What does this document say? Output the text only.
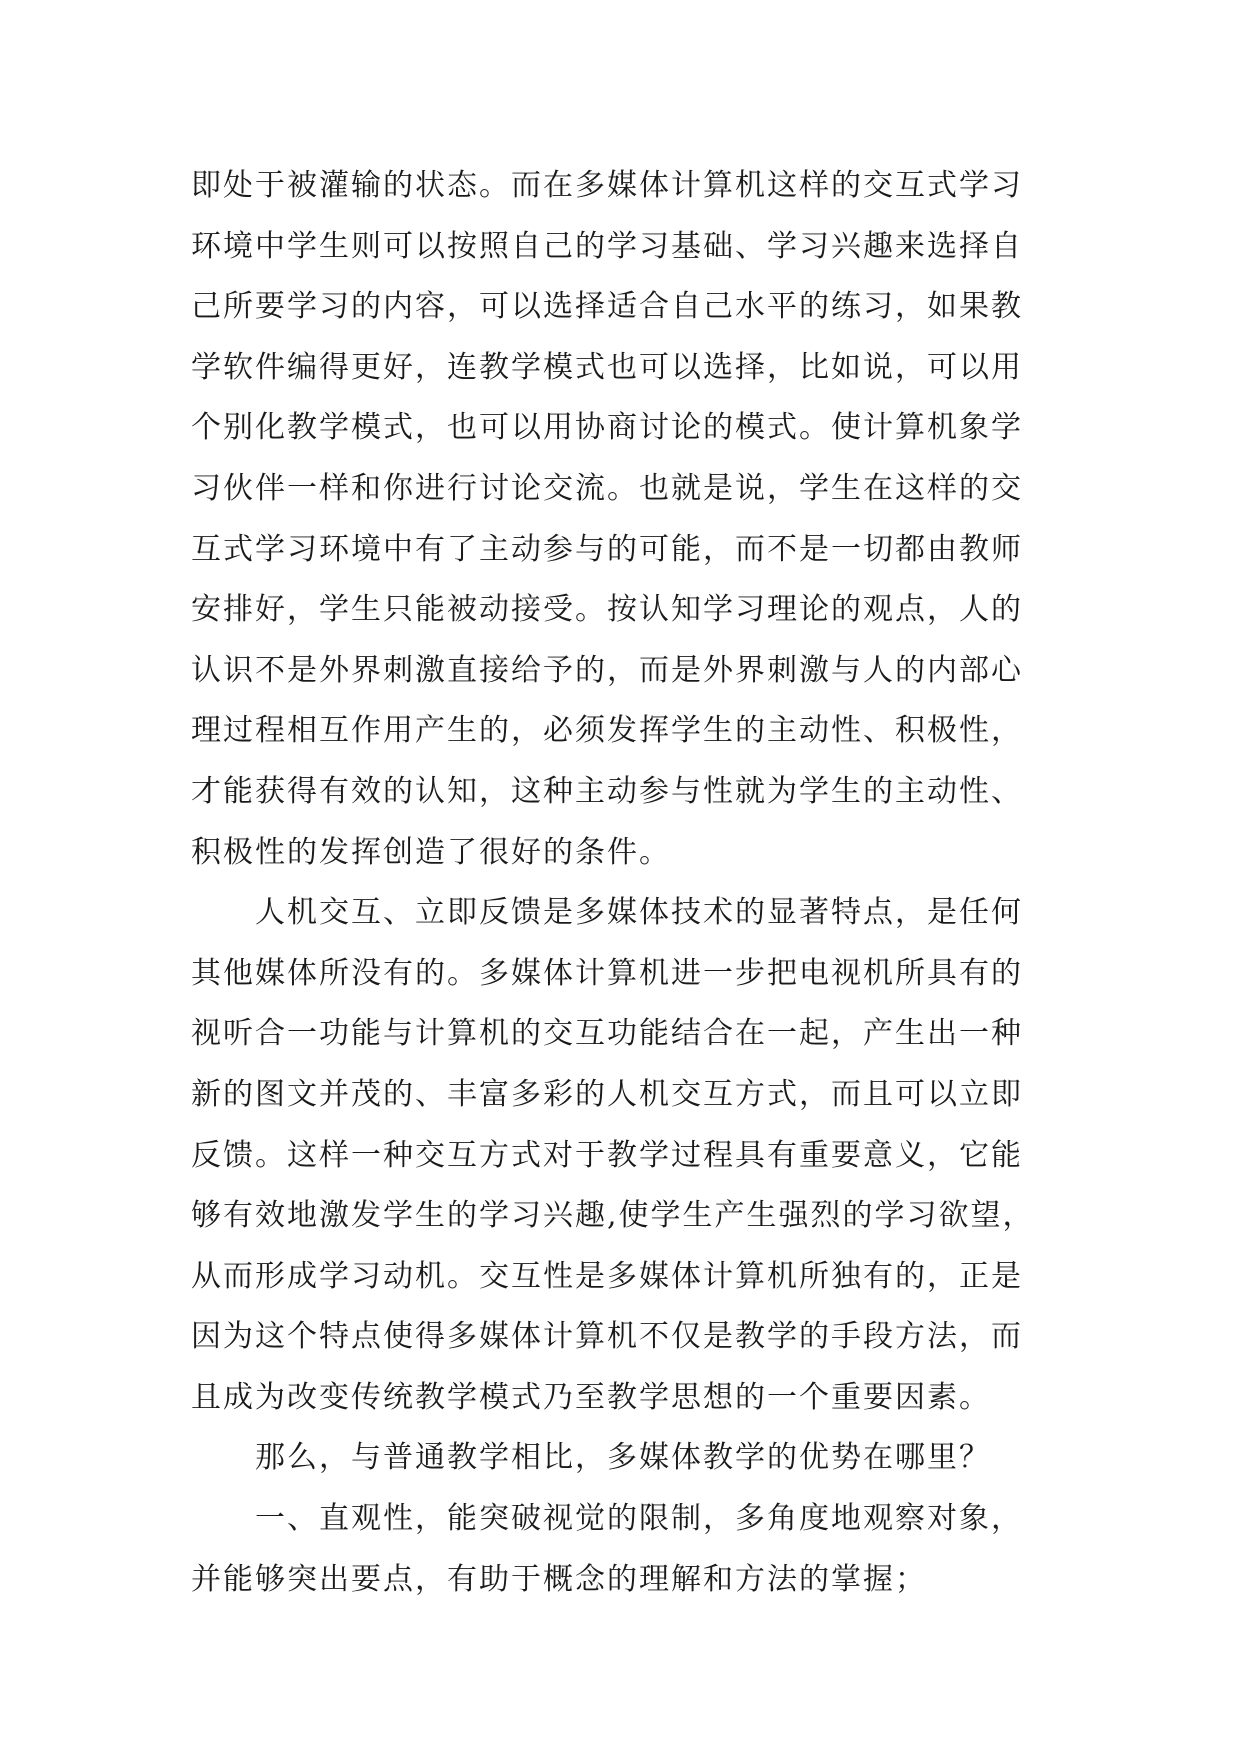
即处于被灌输的状态。而在多媒体计算机这样的交互式学习
环境中学生则可以按照自己的学习基础、学习兴趣来选择自
己所要学习的内容，可以选择适合自己水平的练习，如果教
学软件编得更好，连教学模式也可以选择，比如说，可以用
个别化教学模式，也可以用协商讨论的模式。使计算机象学
习伙伴一样和你进行讨论交流。也就是说，学生在这样的交
互式学习环境中有了主动参与的可能，而不是一切都由教师
安排好，学生只能被动接受。按认知学习理论的观点，人的
认识不是外界刺激直接给予的，而是外界刺激与人的内部心
理过程相互作用产生的，必须发挥学生的主动性、积极性，
才能获得有效的认知，这种主动参与性就为学生的主动性、
积极性的发挥创造了很好的条件。
人机交互、立即反馈是多媒体技术的显著特点，是任何
其他媒体所没有的。多媒体计算机进一步把电视机所具有的
视听合一功能与计算机的交互功能结合在一起，产生出一种
新的图文并茂的、丰富多彩的人机交互方式，而且可以立即
反馈。这样一种交互方式对于教学过程具有重要意义，它能
够有效地激发学生的学习兴趣,使学生产生强烈的学习欲望，
从而形成学习动机。交互性是多媒体计算机所独有的，正是
因为这个特点使得多媒体计算机不仅是教学的手段方法，而
且成为改变传统教学模式乃至教学思想的一个重要因素。
那么，与普通教学相比，多媒体教学的优势在哪里？
一、直观性，能突破视觉的限制，多角度地观察对象，
并能够突出要点，有助于概念的理解和方法的掌握；
